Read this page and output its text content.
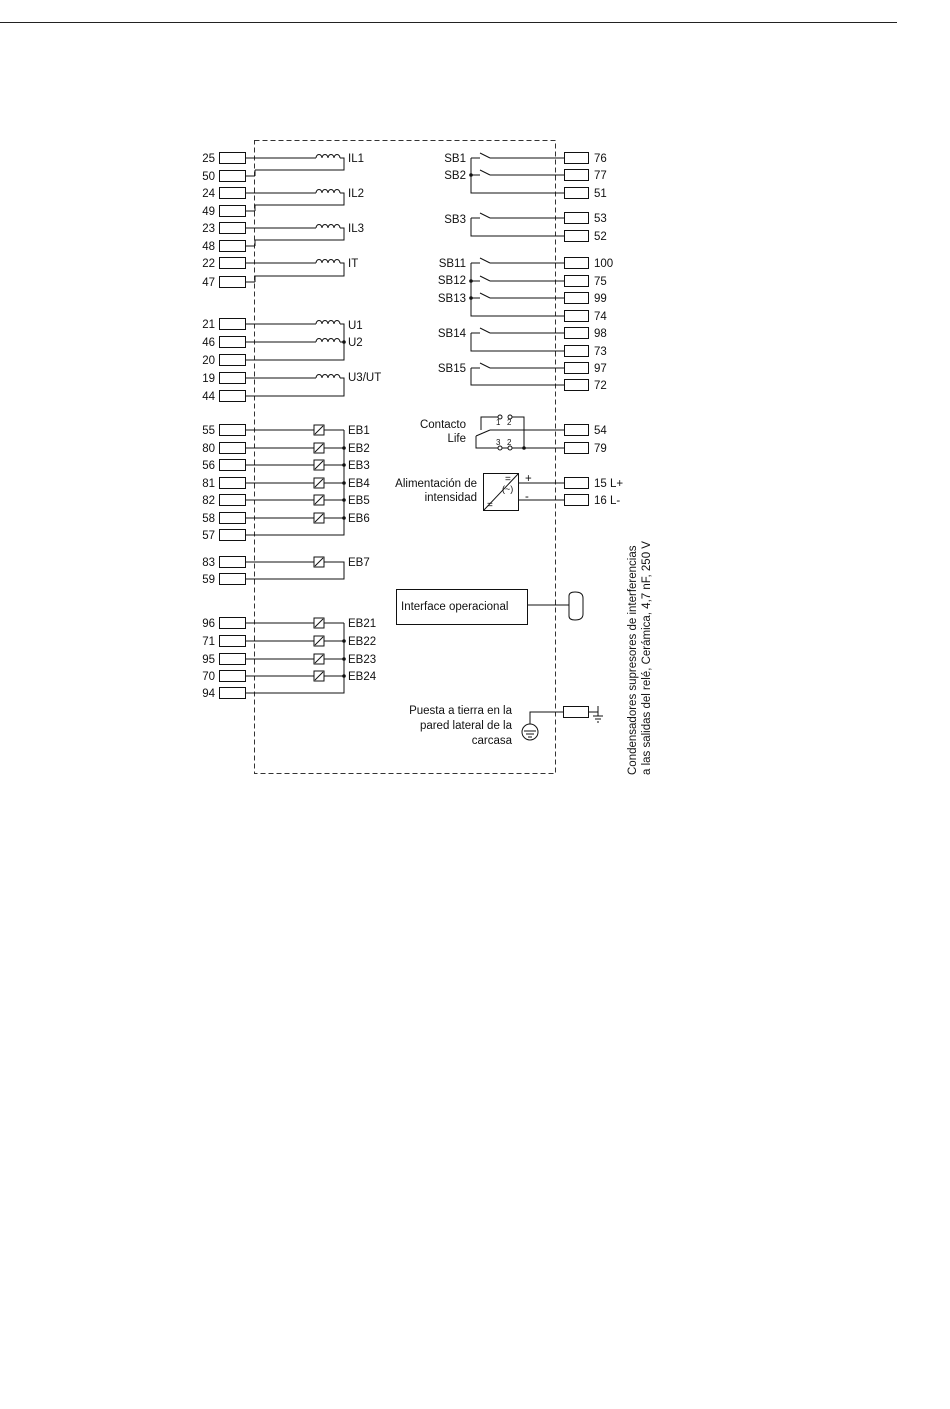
25
50
24
49
23
48
22
47
21
46
20
19
44
55
80
56
81
82
58
57
83
59
96
71
95
70
94
76
77
51
53
52
100
75
99
74
98
73
97
72
54
79
15 L+
16 L-
IL1
IL2
IL3
IT
U1
U2
U3/UT
EB1
EB2
EB3
EB4
EB5
EB6
EB7
EB21
EB22
EB23
EB24
SB1
SB2
SB3
SB11
SB12
SB13
SB14
SB15
Contacto
Life
1 2
3 2
Alimentación de
intensidad
+
-
=
(~)
=
Interface operacional
Puesta a tierra en la
pared lateral de la
carcasa	Condensadores supresores de interferencias a las salidas del relé, Cerámica, 4,7 nF, 250 V
